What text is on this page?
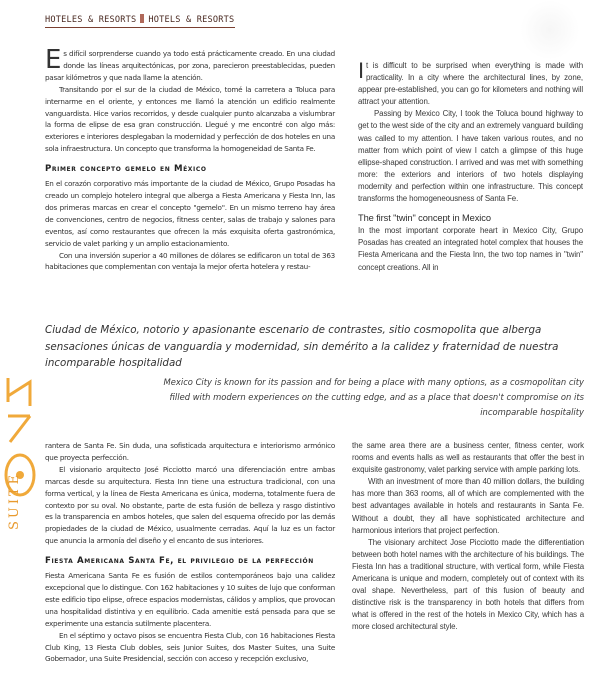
HOTELES & RESORTS HOTELS & RESORTS

Es difícil sorprenderse cuando ya todo está prácticamente creado. En una ciudad donde las líneas arquitectónicas, por zona, parecieron preestablecidas, pueden pasar kilómetros y que nada llame la atención.

Transitando por el sur de la ciudad de México, tomé la carretera a Toluca para internarme en el oriente, y entonces me llamó la atención un edificio realmente vanguardista. Hice varios recorridos, y desde cualquier punto alcanzaba a vislumbrar la forma de elipse de esa gran construcción. Llegué y me encontré con algo más: exteriores e interiores desplegaban la modernidad y perfección de dos hoteles en una sola infraestructura. Un concepto que transforma la homogeneidad de Santa Fe.

Primer concepto gemelo en México

En el corazón corporativo más importante de la ciudad de México, Grupo Posadas ha creado un complejo hotelero integral que alberga a Fiesta Americana y Fiesta Inn, las dos primeras marcas en crear el concepto "gemelo". En un mismo terreno hay área de convenciones, centro de negocios, fitness center, salas de trabajo y salones para eventos, así como restaurantes que ofrecen la más exquisita oferta gastronómica, servicio de valet parking y un amplio estacionamiento.

Con una inversión superior a 40 millones de dólares se edificaron un total de 363 habitaciones que complementan con ventaja la mejor oferta hotelera y restau-

It is difficult to be surprised when everything is made with practicality. In a city where the architectural lines, by zone, appear pre-established, you can go for kilometers and nothing will attract your attention.

Passing by Mexico City, I took the Toluca bound highway to get to the west side of the city and an extremely vanguard building was called to my attention. I have taken various routes, and no matter from which point of view I catch a glimpse of this huge ellipse-shaped construction. I arrived and was met with something more: the exteriors and interiors of two hotels displaying modernity and perfection within one infrastructure. This concept transforms the homogeneousness of Santa Fe.

The first "twin" concept in Mexico

In the most important corporate heart in Mexico City, Grupo Posadas has created an integrated hotel complex that houses the Fiesta Americana and the Fiesta Inn, the two top names in "twin" concept creations. All in

Ciudad de México, notorio y apasionante escenario de contrastes, sitio cosmopolita que alberga sensaciones únicas de vanguardia y modernidad, sin demérito a la calidez y fraternidad de nuestra incomparable hospitalidad
Mexico City is known for its passion and for being a place with many options, as a cosmopolitan city filled with modern experiences on the cutting edge, and as a place that doesn't compromise on its incomparable hospitality
SUITE

rantera de Santa Fe. Sin duda, una sofisticada arquitectura e interiorismo armónico que proyecta perfección.

El visionario arquitecto José Picciotto marcó una diferenciación entre ambas marcas desde su arquitectura. Fiesta Inn tiene una estructura tradicional, con una forma vertical, y la línea de Fiesta Americana es única, moderna, totalmente fuera de contexto por su oval. No obstante, parte de esta fusión de belleza y rasgo distintivo es la transparencia en ambos hoteles, que salen del esquema ofrecido por las demás propiedades de la ciudad de México, usualmente cerradas. Aquí la luz es un factor que anuncia la armonía del diseño y el encanto de sus interiores.

Fiesta Americana Santa Fe, el privilegio de la perfección

Fiesta Americana Santa Fe es fusión de estilos contemporáneos bajo una calidez excepcional que lo distingue. Con 162 habitaciones y 10 suites de lujo que conforman este edificio tipo elipse, ofrece espacios modernistas, cálidos y amplios, que provocan una hospitalidad distintiva y en equilibrio. Cada amenitie está pensada para que se experimente una estancia sutilmente placentera.

En el séptimo y octavo pisos se encuentra Fiesta Club, con 16 habitaciones Fiesta Club King, 13 Fiesta Club dobles, seis Junior Suites, dos Master Suites, una Suite Gobernador, una Suite Presidencial, sección con acceso y recepción exclusivo,

the same area there are a business center, fitness center, work rooms and events halls as well as restaurants that offer the best in exquisite gastronomy, valet parking service with ample parking lots.

With an investment of more than 40 million dollars, the building has more than 363 rooms, all of which are complemented with the best advantages available in hotels and restaurants in Santa Fe. Without a doubt, they all have sophisticated architecture and harmonious interiors that project perfection.

The visionary architect Jose Picciotto made the differentiation between both hotel names with the architecture of his buildings. The Fiesta Inn has a traditional structure, with vertical form, while Fiesta Americana is unique and modern, completely out of context with its oval shape. Nevertheless, part of this fusion of beauty and distinctive risk is the transparency in both hotels that differs from what is offered in the rest of the hotels in Mexico City, which has a more closed architectural style.
